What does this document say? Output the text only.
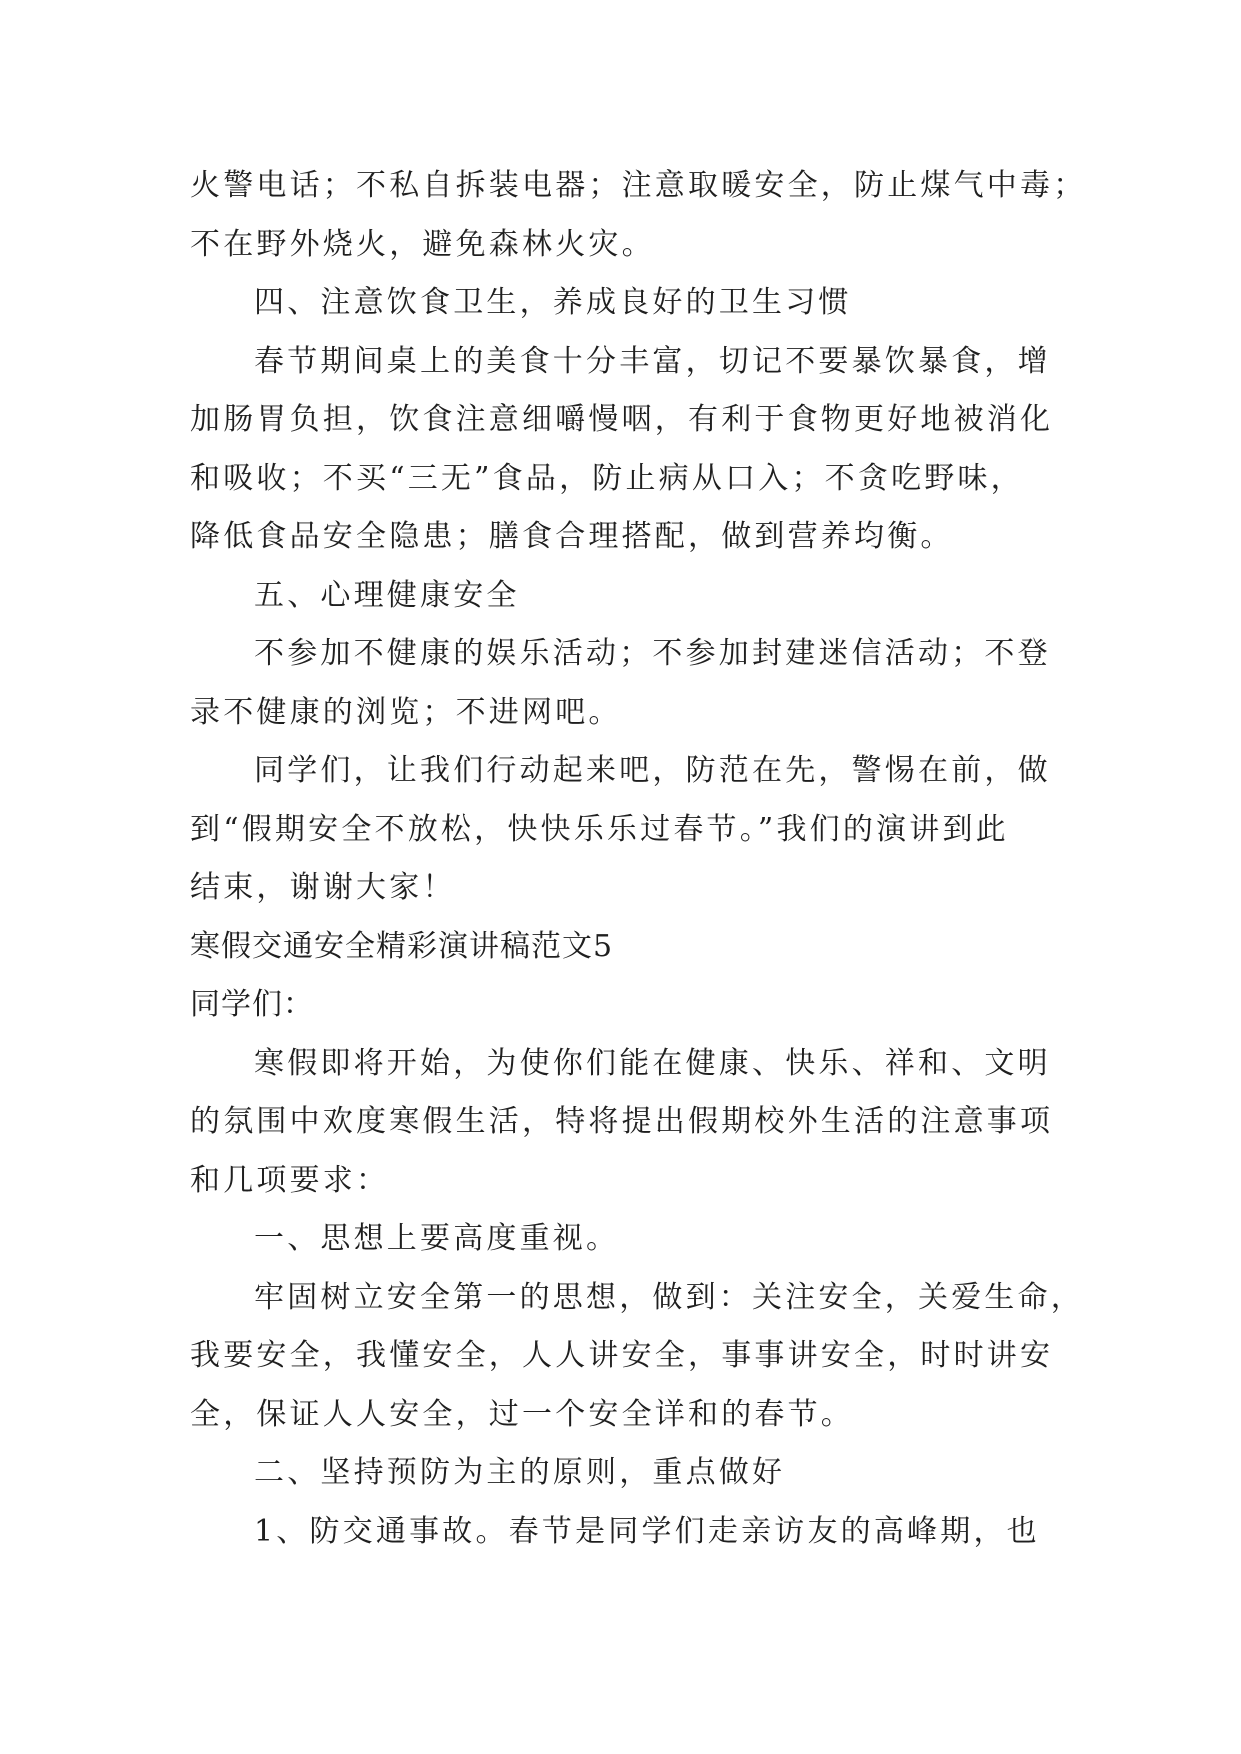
火警电话；不私自拆装电器；注意取暖安全，防止煤气中毒；
不在野外烧火，避免森林火灾。
四、注意饮食卫生，养成良好的卫生习惯
春节期间桌上的美食十分丰富，切记不要暴饮暴食，增
加肠胃负担，饮食注意细嚼慢咽，有利于食物更好地被消化
和吸收；不买“三无”食品，防止病从口入；不贪吃野味，
降低食品安全隐患；膳食合理搭配，做到营养均衡。
五、心理健康安全
不参加不健康的娱乐活动；不参加封建迷信活动；不登
录不健康的浏览；不进网吧。
同学们，让我们行动起来吧，防范在先，警惕在前，做
到“假期安全不放松，快快乐乐过春节。”我们的演讲到此
结束，谢谢大家！
寒假交通安全精彩演讲稿范文5
同学们：
寒假即将开始，为使你们能在健康、快乐、祥和、文明
的氛围中欢度寒假生活，特将提出假期校外生活的注意事项
和几项要求：
一、思想上要高度重视。
牢固树立安全第一的思想，做到：关注安全，关爱生命，
我要安全，我懂安全，人人讲安全，事事讲安全，时时讲安
全，保证人人安全，过一个安全详和的春节。
二、坚持预防为主的原则，重点做好
1、防交通事故。春节是同学们走亲访友的高峰期，也
